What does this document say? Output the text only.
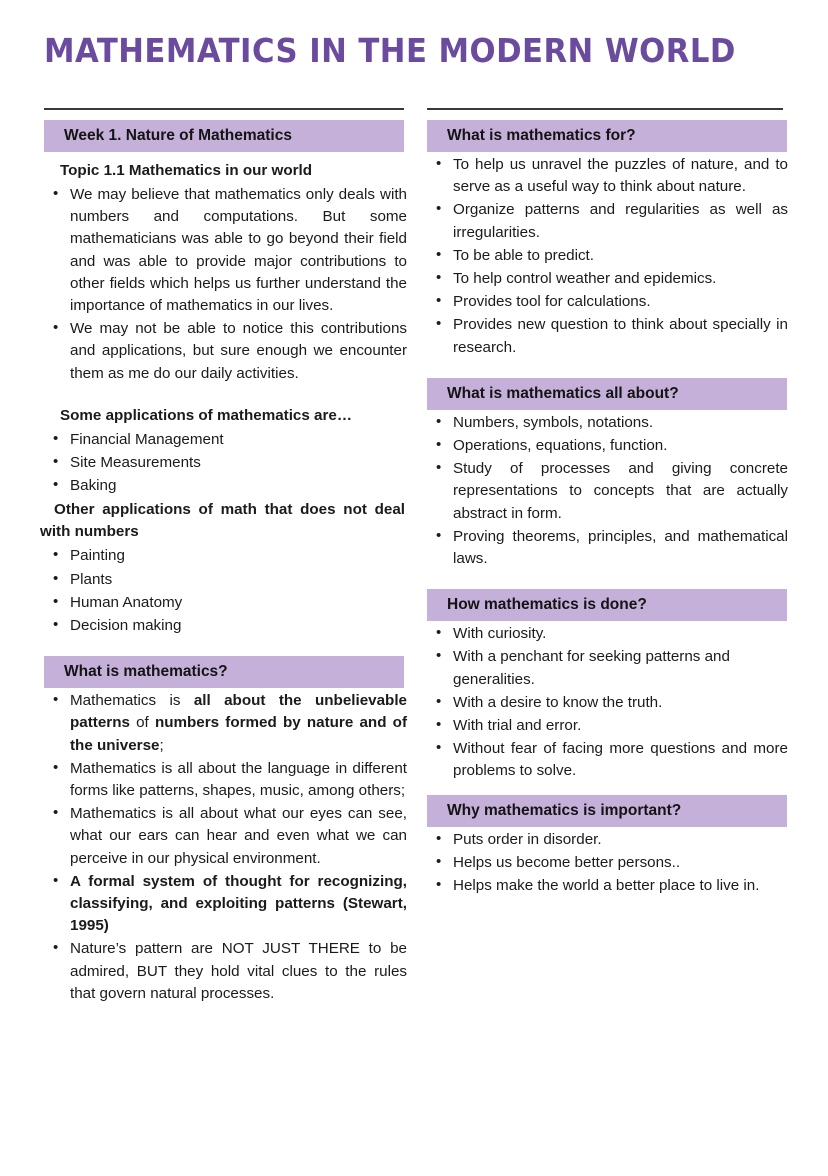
MATHEMATICS IN THE MODERN WORLD
Week 1. Nature of Mathematics
Topic 1.1 Mathematics in our world
• We may believe that mathematics only deals with numbers and computations. But some mathematicians was able to go beyond their field and was able to provide major contributions to other fields which helps us further understand the importance of mathematics in our lives.
• We may not be able to notice this contributions and applications, but sure enough we encounter them as me do our daily activities.
Some applications of mathematics are…
• Financial Management
• Site Measurements
• Baking
Other applications of math that does not deal with numbers
• Painting
• Plants
• Human Anatomy
• Decision making
What is mathematics?
• Mathematics is all about the unbelievable patterns of numbers formed by nature and of the universe;
• Mathematics is all about the language in different forms like patterns, shapes, music, among others;
• Mathematics is all about what our eyes can see, what our ears can hear and even what we can perceive in our physical environment.
• A formal system of thought for recognizing, classifying, and exploiting patterns (Stewart, 1995)
• Nature’s pattern are NOT JUST THERE to be admired, BUT they hold vital clues to the rules that govern natural processes.
What is mathematics for?
• To help us unravel the puzzles of nature, and to serve as a useful way to think about nature.
• Organize patterns and regularities as well as irregularities.
• To be able to predict.
• To help control weather and epidemics.
• Provides tool for calculations.
• Provides new question to think about specially in research.
What is mathematics all about?
• Numbers, symbols, notations.
• Operations, equations, function.
• Study of processes and giving concrete representations to concepts that are actually abstract in form.
• Proving theorems, principles, and mathematical laws.
How mathematics is done?
• With curiosity.
• With a penchant for seeking patterns and generalities.
• With a desire to know the truth.
• With trial and error.
• Without fear of facing more questions and more problems to solve.
Why mathematics is important?
• Puts order in disorder.
• Helps us become better persons..
• Helps make the world a better place to live in.
